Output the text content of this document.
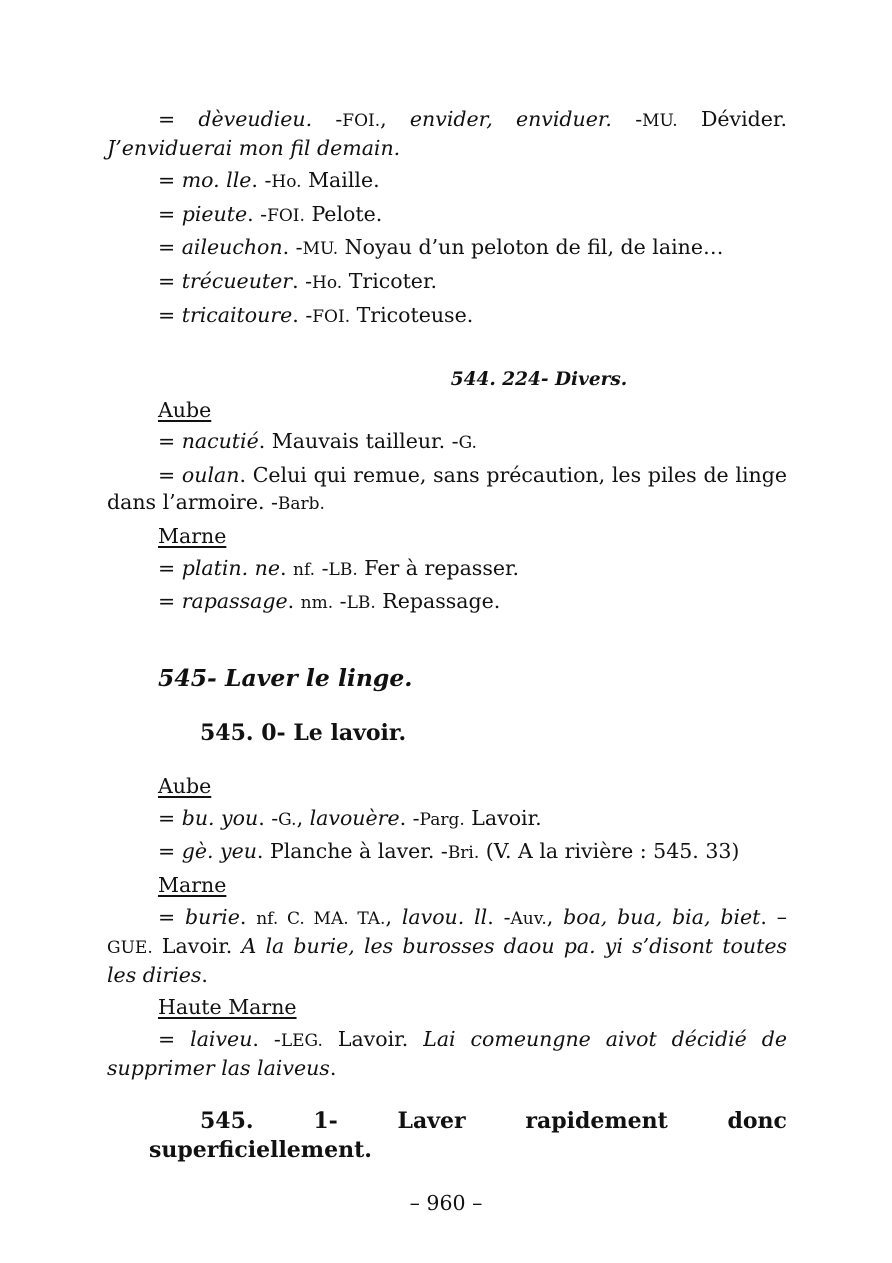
= dèveudieu. -FOI., envider, enviduer. -MU. Dévider. J’enviduerai mon fil demain.
= mo. lle. -Ho. Maille.
= pieute. -FOI. Pelote.
= aileuchon. -MU. Noyau d’un peloton de fil, de laine…
= trécueuter. -Ho. Tricoter.
= tricaitoure. -FOI. Tricoteuse.
544. 224- Divers.
Aube
= nacutié. Mauvais tailleur. -G.
= oulan. Celui qui remue, sans précaution, les piles de linge dans l’armoire. -Barb.
Marne
= platin. ne. nf. -LB. Fer à repasser.
= rapassage. nm. -LB. Repassage.
545- Laver le linge.
545. 0- Le lavoir.
Aube
= bu. you. -G., lavouère. -Parg. Lavoir.
= gè. yeu. Planche à laver. -Bri. (V. A la rivière : 545. 33)
Marne
= burie. nf. C. MA. TA., lavou. ll. -Auv., boa, bua, bia, biet. – GUE. Lavoir. A la burie, les burosses daou pa. yi s’disont toutes les diries.
Haute Marne
= laiveu. -LEG. Lavoir. Lai comeungne aivot décidié de supprimer las laiveus.
545.	1-	Laver	rapidement	donc
superficiellement.
– 960 –
